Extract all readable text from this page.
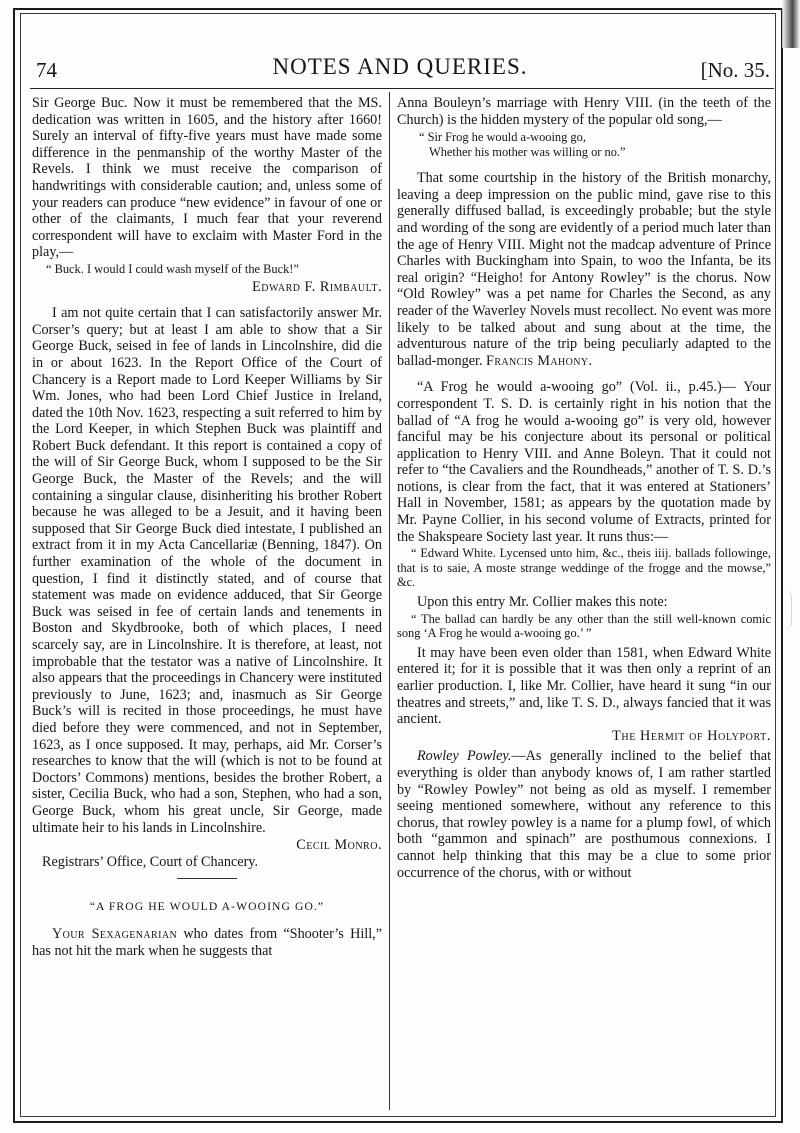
74	NOTES AND QUERIES.	[No. 35.

Sir George Buc. Now it must be remembered that the MS. dedication was written in 1605, and the history after 1660! Surely an interval of fifty-five years must have made some difference in the penmanship of the worthy Master of the Revels. I think we must receive the comparison of handwritings with considerable caution; and, unless some of your readers can produce “new evidence” in favour of one or other of the claimants, I much fear that your reverend correspondent will have to exclaim with Master Ford in the play,—

“ Buck. I would I could wash myself of the Buck!”

Edward F. Rimbault.

I am not quite certain that I can satisfactorily answer Mr. Corser’s query; but at least I am able to show that a Sir George Buck, seised in fee of lands in Lincolnshire, did die in or about 1623. In the Report Office of the Court of Chancery is a Report made to Lord Keeper Williams by Sir Wm. Jones, who had been Lord Chief Justice in Ireland, dated the 10th Nov. 1623, respecting a suit referred to him by the Lord Keeper, in which Stephen Buck was plaintiff and Robert Buck defendant. It this report is contained a copy of the will of Sir George Buck, whom I supposed to be the Sir George Buck, the Master of the Revels; and the will containing a singular clause, disinheriting his brother Robert because he was alleged to be a Jesuit, and it having been supposed that Sir George Buck died intestate, I published an extract from it in my Acta Cancellariæ (Benning, 1847). On further examination of the whole of the document in question, I find it distinctly stated, and of course that statement was made on evidence adduced, that Sir George Buck was seised in fee of certain lands and tenements in Boston and Skydbrooke, both of which places, I need scarcely say, are in Lincolnshire. It is therefore, at least, not improbable that the testator was a native of Lincolnshire. It also appears that the proceedings in Chancery were instituted previously to June, 1623; and, inasmuch as Sir George Buck’s will is recited in those proceedings, he must have died before they were commenced, and not in September, 1623, as I once supposed. It may, perhaps, aid Mr. Corser’s researches to know that the will (which is not to be found at Doctors’ Commons) mentions, besides the brother Robert, a sister, Cecilia Buck, who had a son, Stephen, who had a son, George Buck, whom his great uncle, Sir George, made ultimate heir to his lands in Lincolnshire.

Cecil Monro.

Registrars’ Office, Court of Chancery.

“A FROG HE WOULD A-WOOING GO.”

Your Sexagenarian who dates from “Shooter’s Hill,” has not hit the mark when he suggests that

Anna Bouleyn’s marriage with Henry VIII. (in the teeth of the Church) is the hidden mystery of the popular old song,—

“ Sir Frog he would a-wooing go,
Whether his mother was willing or no.”

That some courtship in the history of the British monarchy, leaving a deep impression on the public mind, gave rise to this generally diffused ballad, is exceedingly probable; but the style and wording of the song are evidently of a period much later than the age of Henry VIII. Might not the madcap adventure of Prince Charles with Buckingham into Spain, to woo the Infanta, be its real origin? “Heigho! for Antony Rowley” is the chorus. Now “Old Rowley” was a pet name for Charles the Second, as any reader of the Waverley Novels must recollect. No event was more likely to be talked about and sung about at the time, the adventurous nature of the trip being peculiarly adapted to the ballad-monger. Francis Mahony.

“A Frog he would a-wooing go” (Vol. ii., p.45.)— Your correspondent T. S. D. is certainly right in his notion that the ballad of “A frog he would a-wooing go” is very old, however fanciful may be his conjecture about its personal or political application to Henry VIII. and Anne Boleyn. That it could not refer to “the Cavaliers and the Roundheads,” another of T. S. D.’s notions, is clear from the fact, that it was entered at Stationers’ Hall in November, 1581; as appears by the quotation made by Mr. Payne Collier, in his second volume of Extracts, printed for the Shakspeare Society last year. It runs thus:—

“ Edward White. Lycensed unto him, &c., theis iiij. ballads followinge, that is to saie, A moste strange weddinge of the frogge and the mowse,” &c.

Upon this entry Mr. Collier makes this note:

“ The ballad can hardly be any other than the still well-known comic song ‘A Frog he would a-wooing go.’ ”

It may have been even older than 1581, when Edward White entered it; for it is possible that it was then only a reprint of an earlier production. I, like Mr. Collier, have heard it sung “in our theatres and streets,” and, like T. S. D., always fancied that it was ancient.

The Hermit of Holyport.

Rowley Powley.—As generally inclined to the belief that everything is older than anybody knows of, I am rather startled by “Rowley Powley” not being as old as myself. I remember seeing mentioned somewhere, without any reference to this chorus, that rowley powley is a name for a plump fowl, of which both “gammon and spinach” are posthumous connexions. I cannot help thinking that this may be a clue to some prior occurrence of the chorus, with or without
